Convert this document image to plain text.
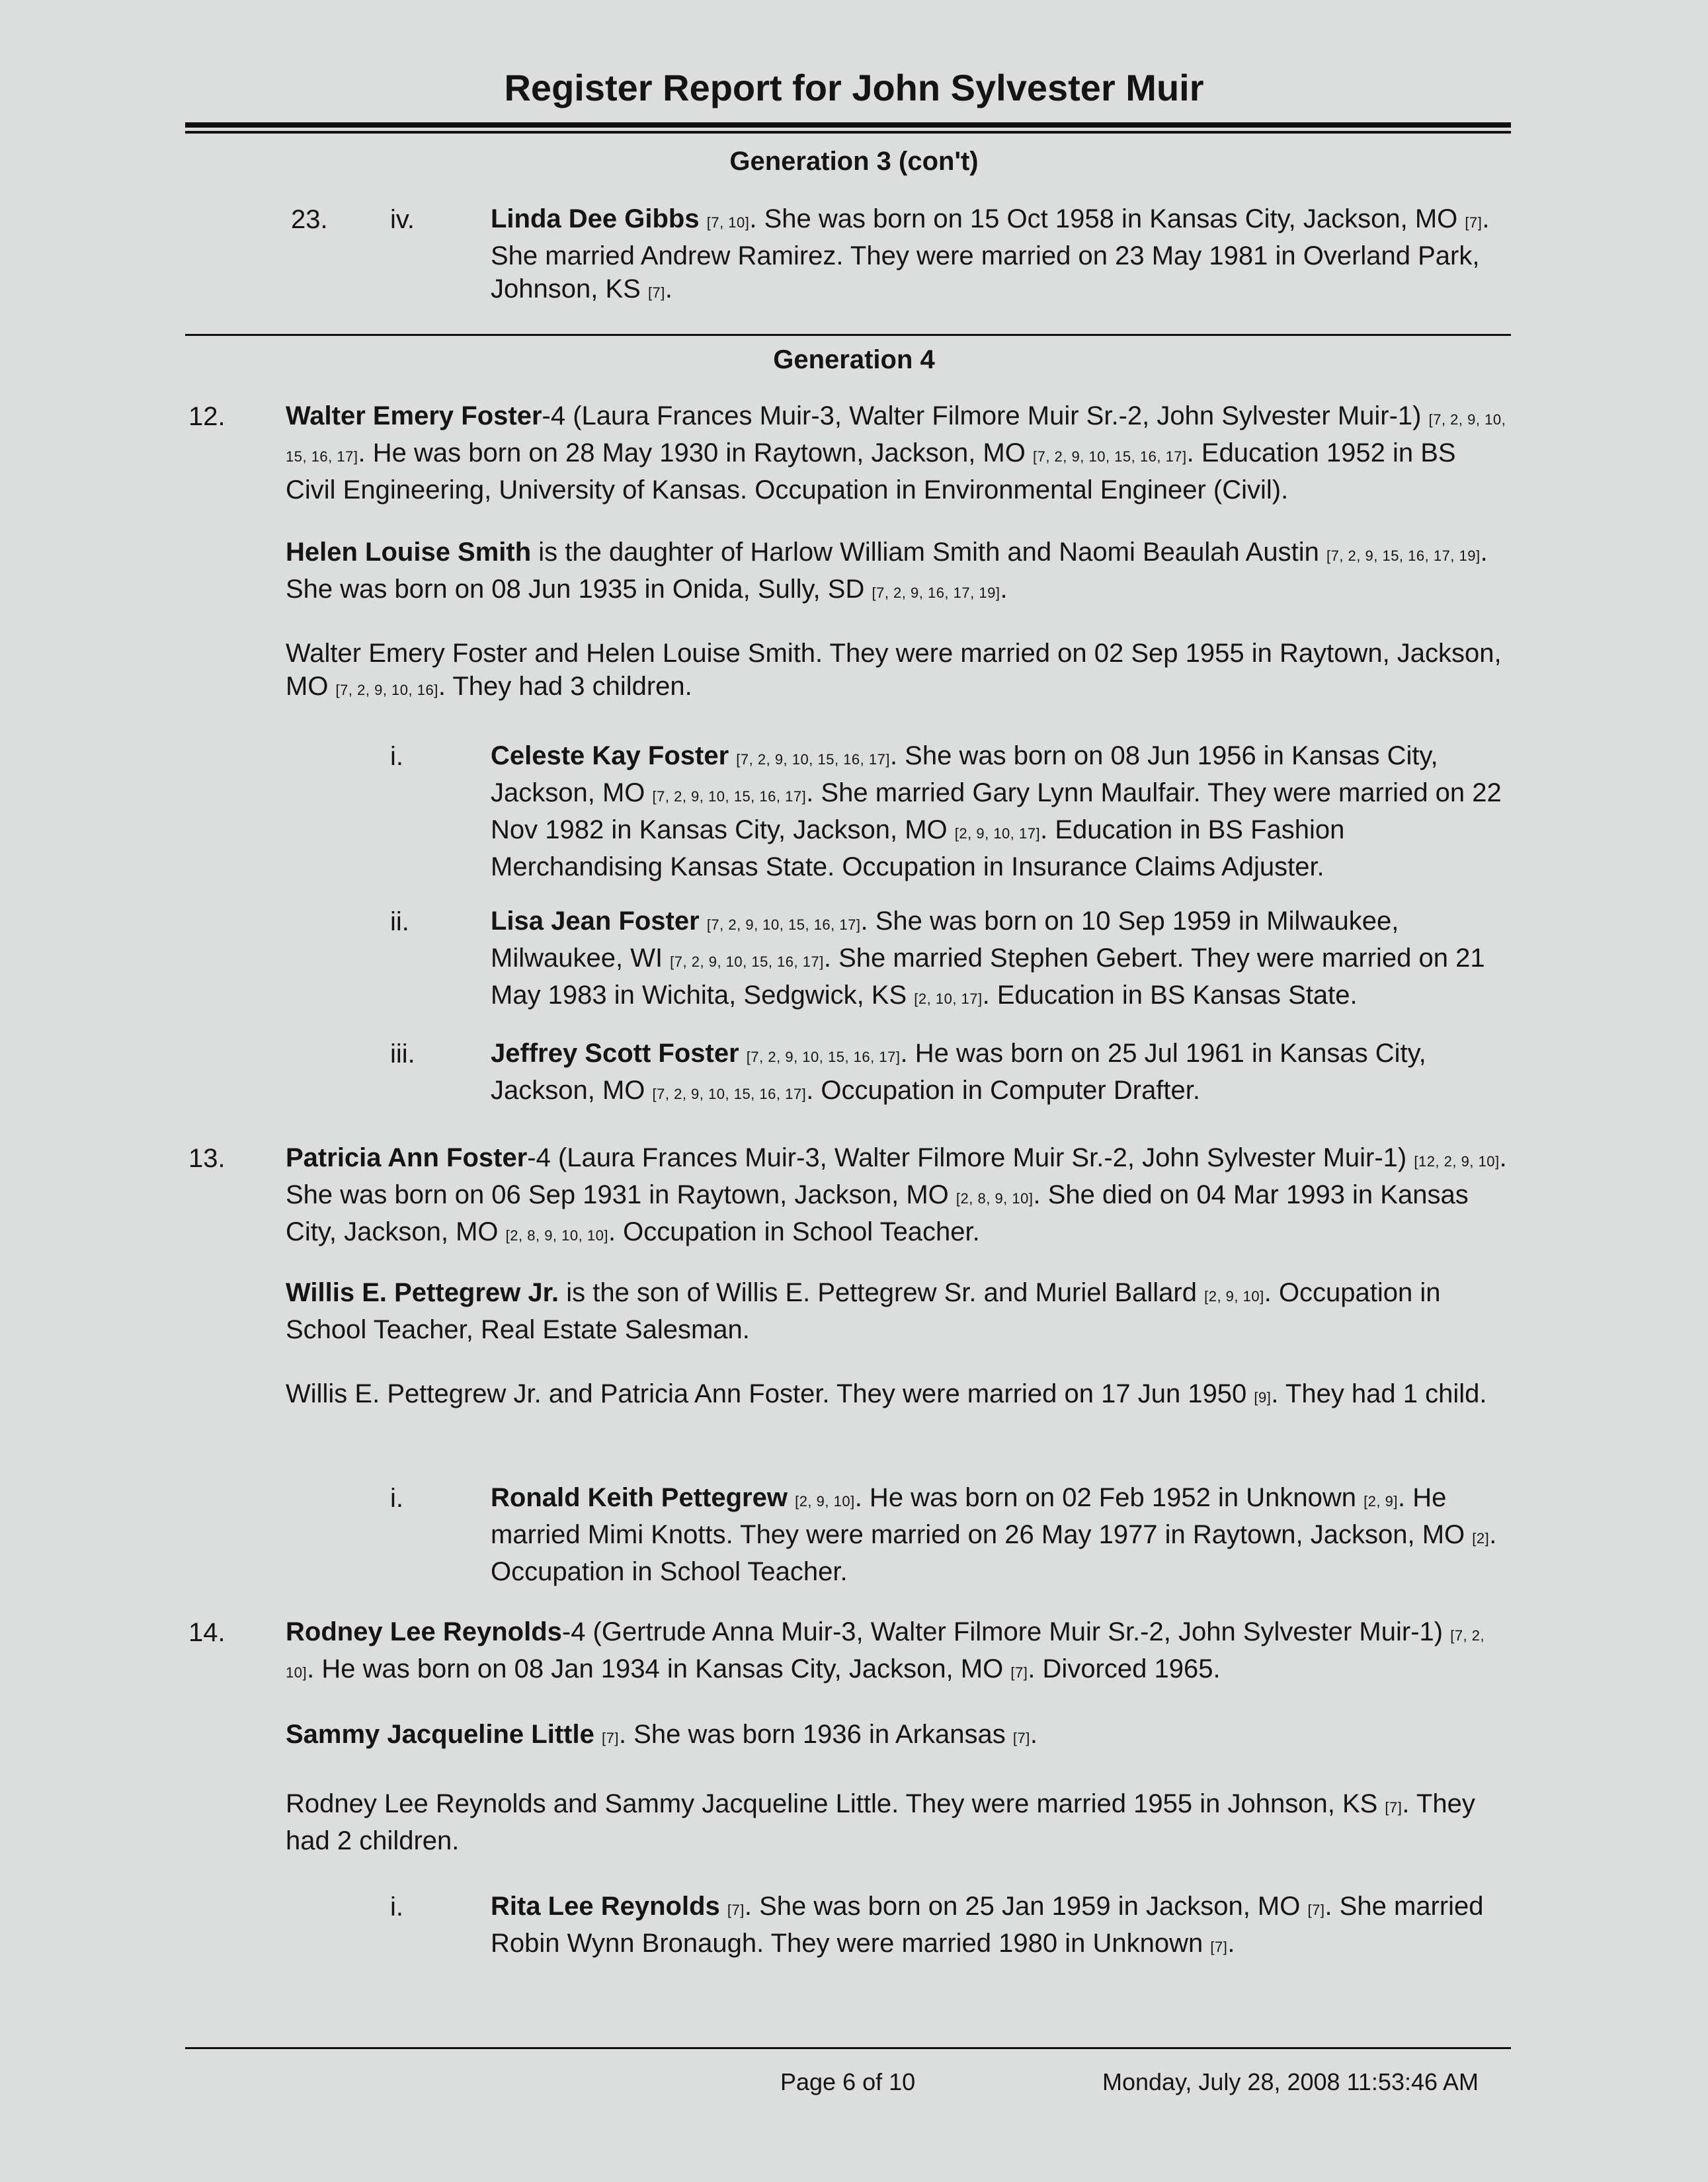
Register Report for John Sylvester Muir
Generation 3 (con't)
23. iv.	Linda Dee Gibbs [7, 10]. She was born on 15 Oct 1958 in Kansas City, Jackson, MO [7]. She married Andrew Ramirez. They were married on 23 May 1981 in Overland Park, Johnson, KS [7].
Generation 4
12. Walter Emery Foster-4 (Laura Frances Muir-3, Walter Filmore Muir Sr.-2, John Sylvester Muir-1) [7, 2, 9, 10, 15, 16, 17]. He was born on 28 May 1930 in Raytown, Jackson, MO [7, 2, 9, 10, 15, 16, 17]. Education 1952 in BS Civil Engineering, University of Kansas. Occupation in Environmental Engineer (Civil).
Helen Louise Smith is the daughter of Harlow William Smith and Naomi Beaulah Austin [7, 2, 9, 15, 16, 17, 19]. She was born on 08 Jun 1935 in Onida, Sully, SD [7, 2, 9, 16, 17, 19].
Walter Emery Foster and Helen Louise Smith. They were married on 02 Sep 1955 in Raytown, Jackson, MO [7, 2, 9, 10, 16]. They had 3 children.
i.	Celeste Kay Foster [7, 2, 9, 10, 15, 16, 17]. She was born on 08 Jun 1956 in Kansas City, Jackson, MO [7, 2, 9, 10, 15, 16, 17]. She married Gary Lynn Maulfair. They were married on 22 Nov 1982 in Kansas City, Jackson, MO [2, 9, 10, 17]. Education in BS Fashion Merchandising Kansas State. Occupation in Insurance Claims Adjuster.
ii.	Lisa Jean Foster [7, 2, 9, 10, 15, 16, 17]. She was born on 10 Sep 1959 in Milwaukee, Milwaukee, WI [7, 2, 9, 10, 15, 16, 17]. She married Stephen Gebert. They were married on 21 May 1983 in Wichita, Sedgwick, KS [2, 10, 17]. Education in BS Kansas State.
iii.	Jeffrey Scott Foster [7, 2, 9, 10, 15, 16, 17]. He was born on 25 Jul 1961 in Kansas City, Jackson, MO [7, 2, 9, 10, 15, 16, 17]. Occupation in Computer Drafter.
13. Patricia Ann Foster-4 (Laura Frances Muir-3, Walter Filmore Muir Sr.-2, John Sylvester Muir-1) [12, 2, 9, 10]. She was born on 06 Sep 1931 in Raytown, Jackson, MO [2, 8, 9, 10]. She died on 04 Mar 1993 in Kansas City, Jackson, MO [2, 8, 9, 10, 10]. Occupation in School Teacher.
Willis E. Pettegrew Jr. is the son of Willis E. Pettegrew Sr. and Muriel Ballard [2, 9, 10]. Occupation in School Teacher, Real Estate Salesman.
Willis E. Pettegrew Jr. and Patricia Ann Foster. They were married on 17 Jun 1950 [9]. They had 1 child.
i.	Ronald Keith Pettegrew [2, 9, 10]. He was born on 02 Feb 1952 in Unknown [2, 9]. He married Mimi Knotts. They were married on 26 May 1977 in Raytown, Jackson, MO [2]. Occupation in School Teacher.
14. Rodney Lee Reynolds-4 (Gertrude Anna Muir-3, Walter Filmore Muir Sr.-2, John Sylvester Muir-1) [7, 2, 10]. He was born on 08 Jan 1934 in Kansas City, Jackson, MO [7]. Divorced 1965.
Sammy Jacqueline Little [7]. She was born 1936 in Arkansas [7].
Rodney Lee Reynolds and Sammy Jacqueline Little. They were married 1955 in Johnson, KS [7]. They had 2 children.
i.	Rita Lee Reynolds [7]. She was born on 25 Jan 1959 in Jackson, MO [7]. She married Robin Wynn Bronaugh. They were married 1980 in Unknown [7].
Page 6 of 10	Monday, July 28, 2008 11:53:46 AM
